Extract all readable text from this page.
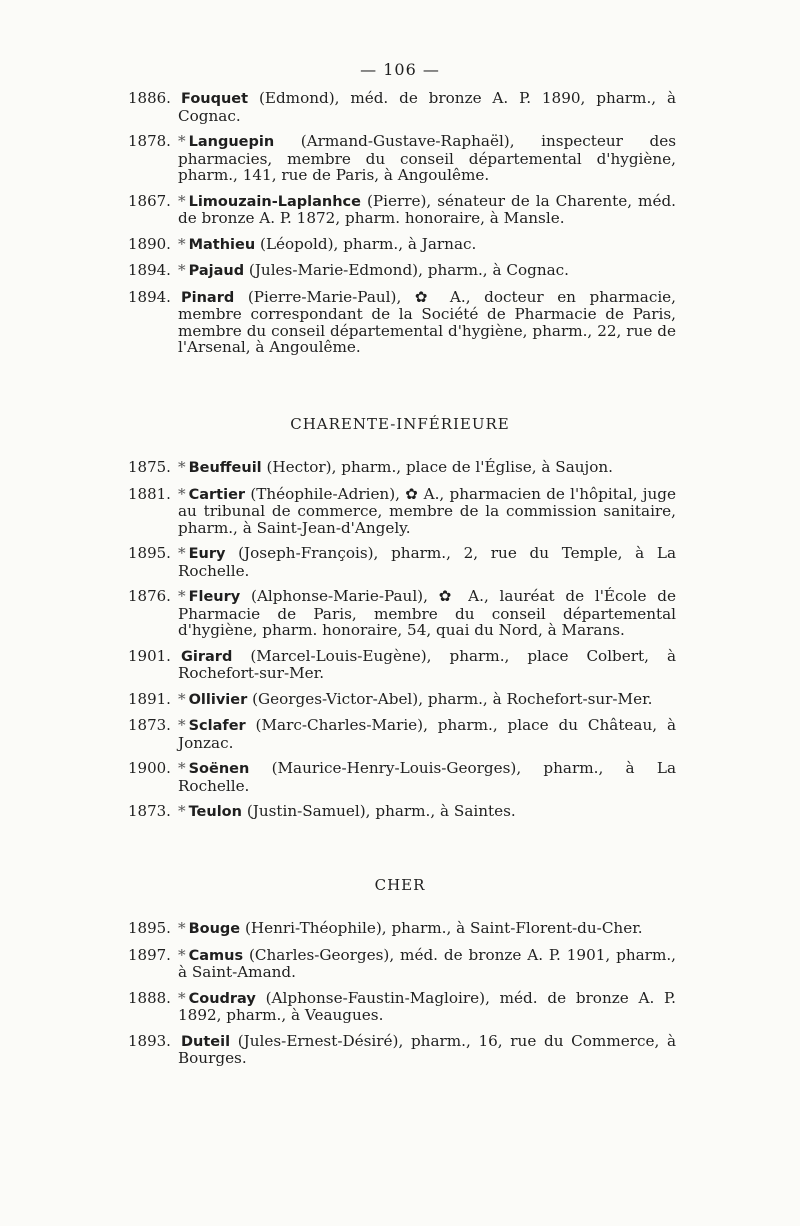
— 106 —
1886. Fouquet (Edmond), méd. de bronze A. P. 1890, pharm., à Cognac.
1878. * Languepin (Armand-Gustave-Raphaël), inspecteur des pharmacies, membre du conseil départemental d'hygiène, pharm., 141, rue de Paris, à Angoulême.
1867. * Limouzain-Laplanhce (Pierre), sénateur de la Charente, méd. de bronze A. P. 1872, pharm. honoraire, à Mansle.
1890. * Mathieu (Léopold), pharm., à Jarnac.
1894. * Pajaud (Jules-Marie-Edmond), pharm., à Cognac.
1894. Pinard (Pierre-Marie-Paul), ✿ A., docteur en pharmacie, membre correspondant de la Société de Pharmacie de Paris, membre du conseil départemental d'hygiène, pharm., 22, rue de l'Arsenal, à Angoulême.
CHARENTE-INFÉRIEURE
1875. * Beuffeuil (Hector), pharm., place de l'Église, à Saujon.
1881. * Cartier (Théophile-Adrien), ✿ A., pharmacien de l'hôpital, juge au tribunal de commerce, membre de la commission sanitaire, pharm., à Saint-Jean-d'Angely.
1895. * Eury (Joseph-François), pharm., 2, rue du Temple, à La Rochelle.
1876. * Fleury (Alphonse-Marie-Paul), ✿ A., lauréat de l'École de Pharmacie de Paris, membre du conseil départemental d'hygiène, pharm. honoraire, 54, quai du Nord, à Marans.
1901. Girard (Marcel-Louis-Eugène), pharm., place Colbert, à Rochefort-sur-Mer.
1891. * Ollivier (Georges-Victor-Abel), pharm., à Rochefort-sur-Mer.
1873. * Sclafer (Marc-Charles-Marie), pharm., place du Château, à Jonzac.
1900. * Soënen (Maurice-Henry-Louis-Georges), pharm., à La Rochelle.
1873. * Teulon (Justin-Samuel), pharm., à Saintes.
CHER
1895. * Bouge (Henri-Théophile), pharm., à Saint-Florent-du-Cher.
1897. * Camus (Charles-Georges), méd. de bronze A. P. 1901, pharm., à Saint-Amand.
1888. * Coudray (Alphonse-Faustin-Magloire), méd. de bronze A. P. 1892, pharm., à Veaugues.
1893. Duteil (Jules-Ernest-Désiré), pharm., 16, rue du Commerce, à Bourges.
